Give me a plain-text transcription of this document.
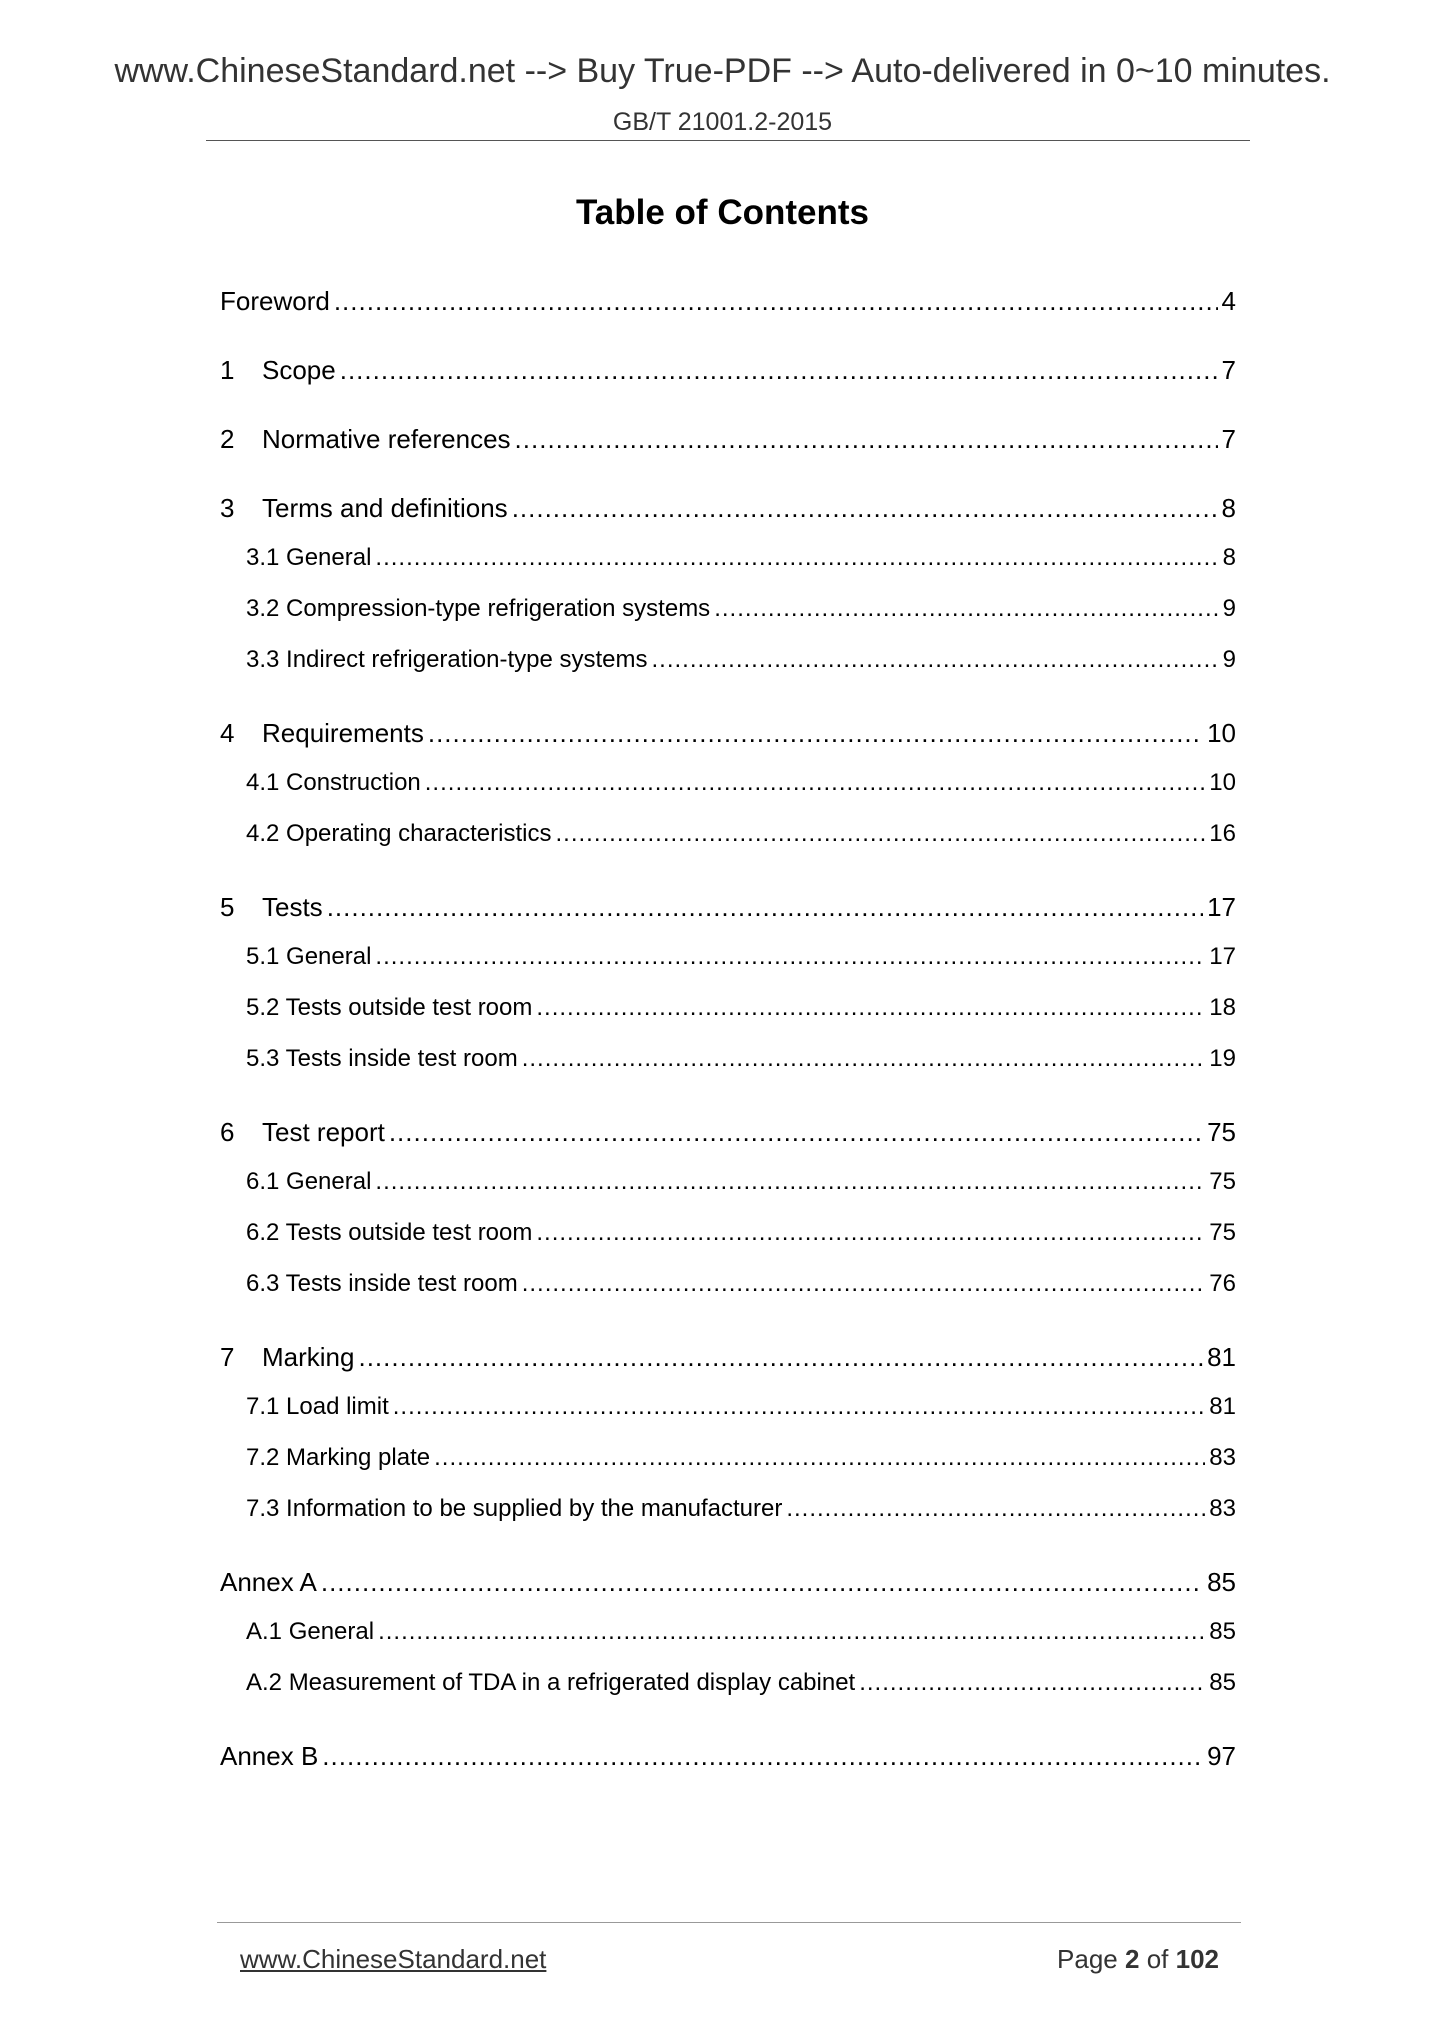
www.ChineseStandard.net --> Buy True-PDF --> Auto-delivered in 0~10 minutes.
GB/T 21001.2-2015
Table of Contents
Foreword .....	4
1	Scope .....	7
2	Normative references .....	7
3	Terms and definitions .....	8
3.1 General .....	8
3.2 Compression-type refrigeration systems .....	9
3.3 Indirect refrigeration-type systems .....	9
4	Requirements .....	10
4.1 Construction .....	10
4.2 Operating characteristics .....	16
5	Tests .....	17
5.1 General .....	17
5.2 Tests outside test room .....	18
5.3 Tests inside test room .....	19
6	Test report .....	75
6.1 General .....	75
6.2 Tests outside test room .....	75
6.3 Tests inside test room .....	76
7	Marking .....	81
7.1 Load limit .....	81
7.2 Marking plate .....	83
7.3 Information to be supplied by the manufacturer .....	83
Annex A .....	85
A.1 General .....	85
A.2 Measurement of TDA in a refrigerated display cabinet .....	85
Annex B .....	97
www.ChineseStandard.net	Page 2 of 102
